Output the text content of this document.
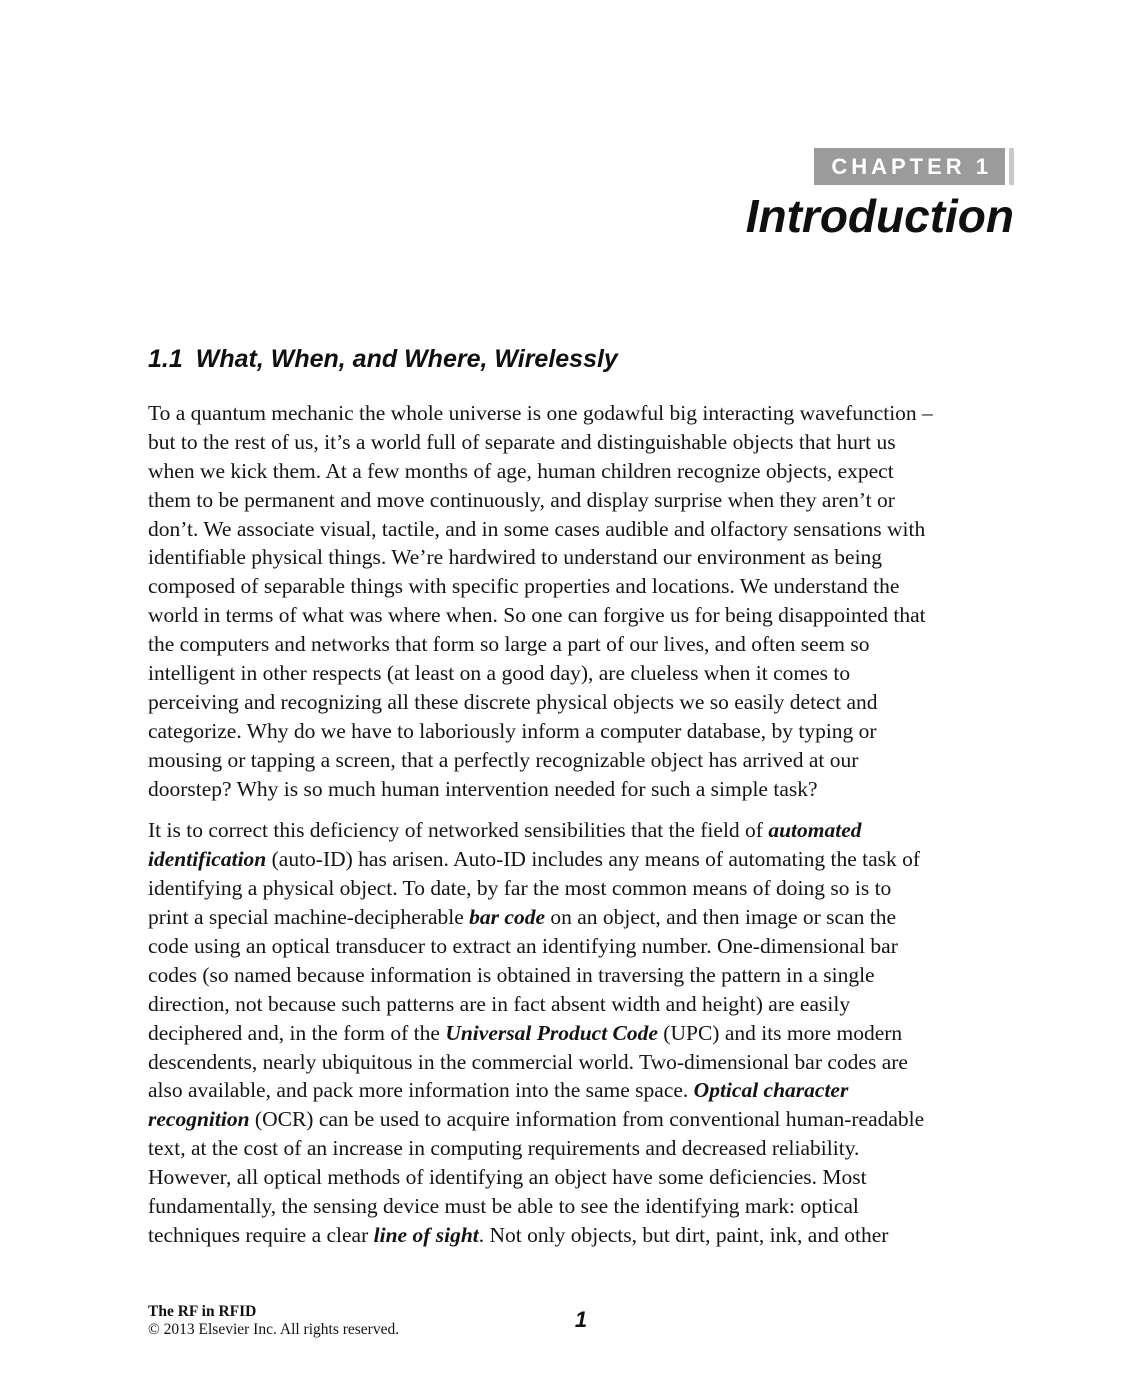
CHAPTER 1
Introduction
1.1 What, When, and Where, Wirelessly
To a quantum mechanic the whole universe is one godawful big interacting wavefunction –
but to the rest of us, it’s a world full of separate and distinguishable objects that hurt us
when we kick them. At a few months of age, human children recognize objects, expect
them to be permanent and move continuously, and display surprise when they aren’t or
don’t. We associate visual, tactile, and in some cases audible and olfactory sensations with
identifiable physical things. We’re hardwired to understand our environment as being
composed of separable things with specific properties and locations. We understand the
world in terms of what was where when. So one can forgive us for being disappointed that
the computers and networks that form so large a part of our lives, and often seem so
intelligent in other respects (at least on a good day), are clueless when it comes to
perceiving and recognizing all these discrete physical objects we so easily detect and
categorize. Why do we have to laboriously inform a computer database, by typing or
mousing or tapping a screen, that a perfectly recognizable object has arrived at our
doorstep? Why is so much human intervention needed for such a simple task?
It is to correct this deficiency of networked sensibilities that the field of automated
identification (auto-ID) has arisen. Auto-ID includes any means of automating the task of
identifying a physical object. To date, by far the most common means of doing so is to
print a special machine-decipherable bar code on an object, and then image or scan the
code using an optical transducer to extract an identifying number. One-dimensional bar
codes (so named because information is obtained in traversing the pattern in a single
direction, not because such patterns are in fact absent width and height) are easily
deciphered and, in the form of the Universal Product Code (UPC) and its more modern
descendents, nearly ubiquitous in the commercial world. Two-dimensional bar codes are
also available, and pack more information into the same space. Optical character
recognition (OCR) can be used to acquire information from conventional human-readable
text, at the cost of an increase in computing requirements and decreased reliability.
However, all optical methods of identifying an object have some deficiencies. Most
fundamentally, the sensing device must be able to see the identifying mark: optical
techniques require a clear line of sight. Not only objects, but dirt, paint, ink, and other
The RF in RFID
© 2013 Elsevier Inc. All rights reserved.	1
